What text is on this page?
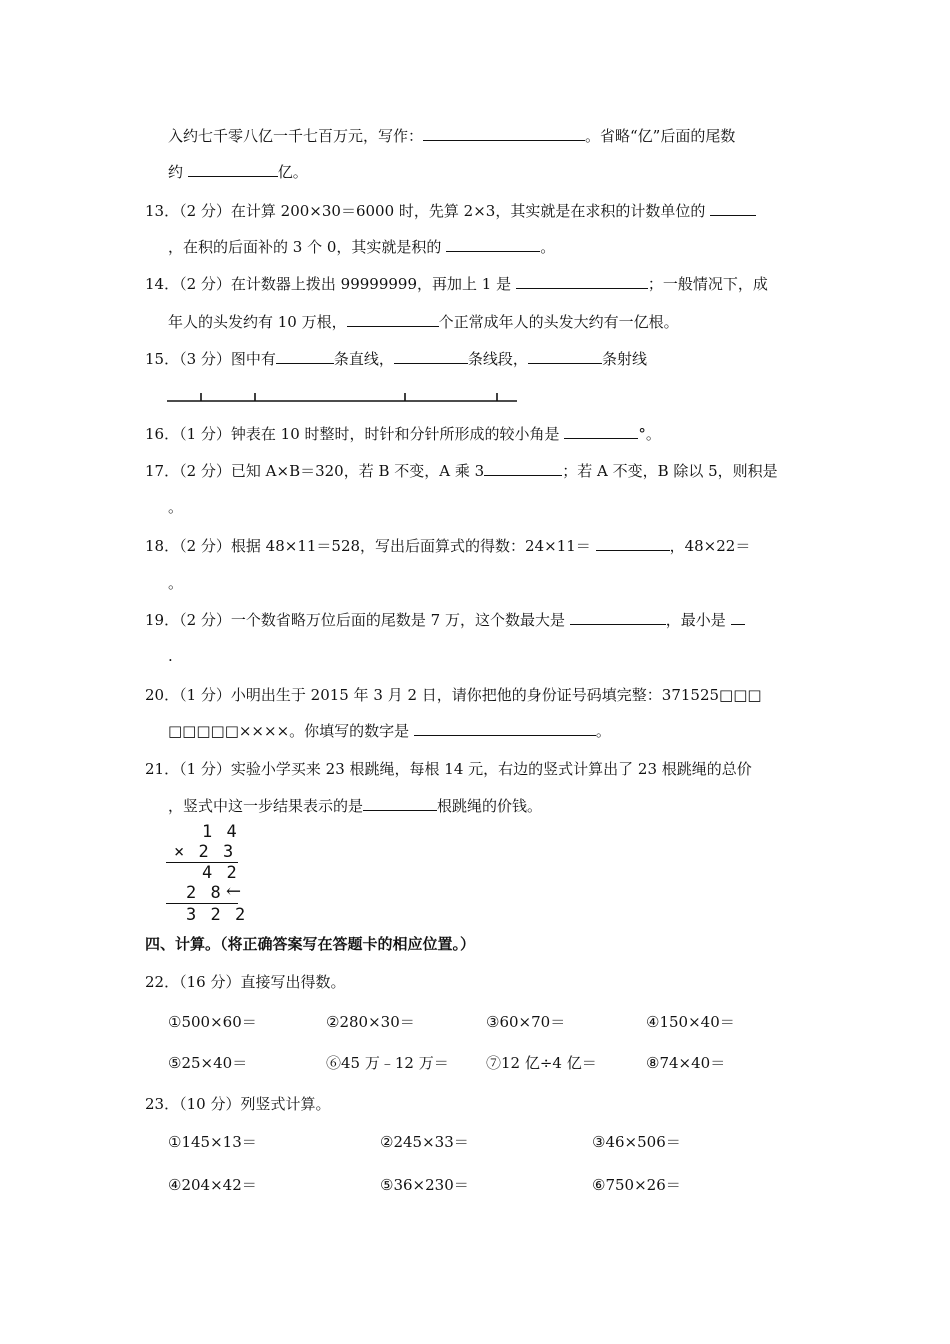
入约七千零八亿一千七百万元，写作：	。省略“亿”后面的尾数
约	亿。
13．（2 分）在计算 200×30＝6000 时，先算 2×3，其实就是在求积的计数单位的
，在积的后面补的 3 个 0，其实就是积的	。
14．（2 分）在计数器上拨出 99999999，再加上 1 是	；一般情况下，成
年人的头发约有 10 万根，	个正常成年人的头发大约有一亿根。
15．（3 分）图中有	条直线，	条线段，	条射线
16．（1 分）钟表在 10 时整时，时针和分针所形成的较小角是	°。
17．（2 分）已知 A×B＝320，若 B 不变，A 乘 3	；若 A 不变，B 除以 5，则积是
。
18．（2 分）根据 48×11＝528，写出后面算式的得数：24×11＝	，48×22＝
。
19．（2 分）一个数省略万位后面的尾数是 7 万，这个数最大是	，最小是
.
20．（1 分）小明出生于 2015 年 3 月 2 日，请你把他的身份证号码填完整：371525□□□
□□□□□××××。你填写的数字是	。
21．（1 分）实验小学买来 23 根跳绳，每根 14 元，右边的竖式计算出了 23 根跳绳的总价
，竖式中这一步结果表示的是	根跳绳的价钱。
1 4
× 2 3
4 2
2 8 ←
3 2 2
四、计算。（将正确答案写在答题卡的相应位置。）
22．（16 分）直接写出得数。
①500×60＝	②280×30＝	③60×70＝	④150×40＝
⑤25×40＝	⑥45 万﹣12 万＝ ⑦12 亿÷4 亿＝	⑧74×40＝
23．（10 分）列竖式计算。
①145×13＝	②245×33＝	③46×506＝
④204×42＝	⑤36×230＝	⑥750×26＝
